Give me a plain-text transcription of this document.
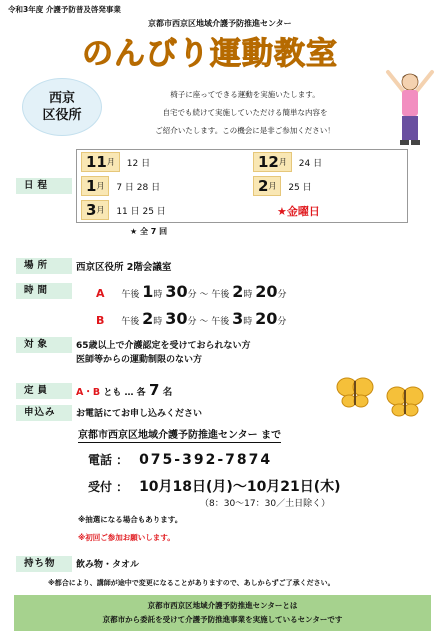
令和3年度 介護予防普及啓発事業
京都市西京区地域介護予防推進センター
のんびり運動教室
西京
区役所
椅子に座ってできる運動を実施いたします。
自宅でも続けて実施していただける簡単な内容を
ご紹介いたします。この機会に是非ご参加ください！
日程
11月 12 日	12月 24 日
1月 7 日 28 日	2月 25 日
3月 11 日 25 日	★金曜日
★ 全 7 回
場所	西京区役所 2階会議室
時間	A 午後 1時 30分 ～ 午後 2時 20分
B 午後 2時 30分 ～ 午後 3時 20分
対象	65歳以上で介護認定を受けておられない方
医師等からの運動制限のない方
定員	A・B とも … 各 7 名
申込み	お電話にてお申し込みください
京都市西京区地域介護予防推進センター まで
電話 ： 075-392-7874
受付 ： 10月18日(月)～10月21日(木)
（8：30～17：30／土日除く）
※抽選になる場合もあります。
※初回ご参加お願いします。
持ち物	飲み物・タオル
※都合により、講師が途中で変更になることがありますので、あしからずご了承ください。
京都市西京区地域介護予防推進センターとは
京都市から委託を受けて介護予防推進事業を実施しているセンターです
